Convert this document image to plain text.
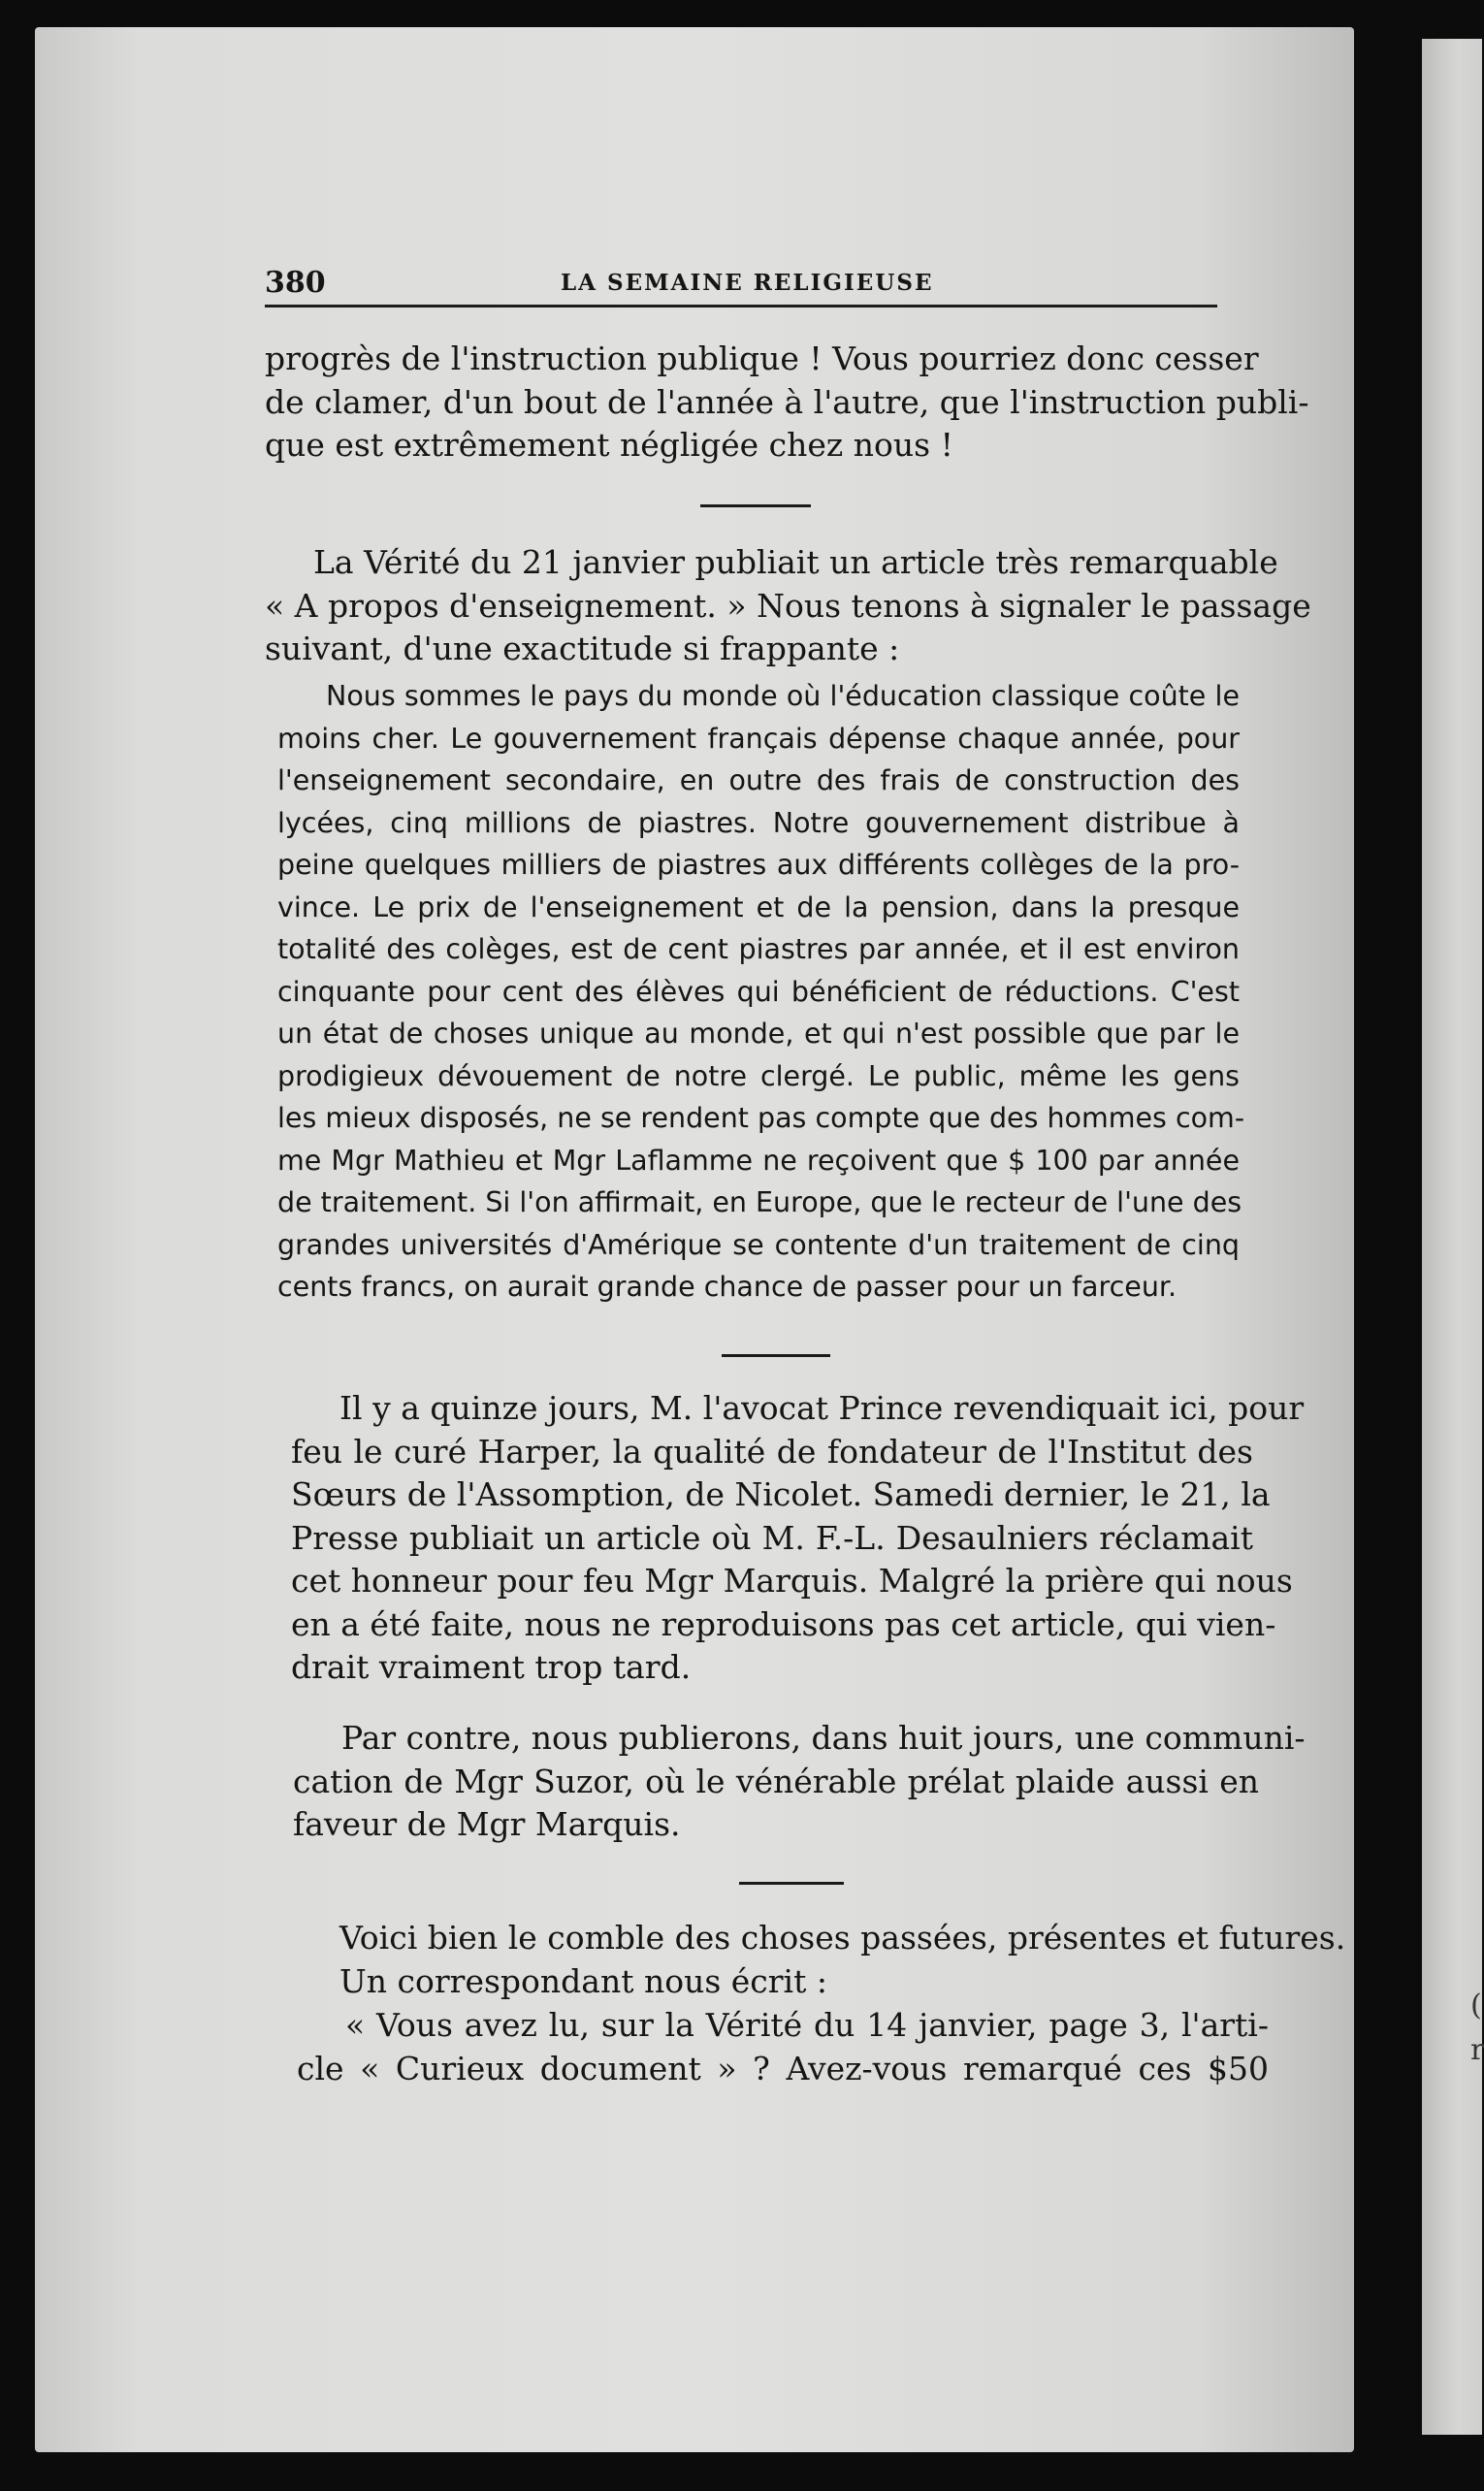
(
r
380	LA SEMAINE RELIGIEUSE
progrès de l'instruction publique ! Vous pourriez donc cesser
de clamer, d'un bout de l'année à l'autre, que l'instruction publi-
que est extrêmement négligée chez nous !
La Vérité du 21 janvier publiait un article très remarquable
« A propos d'enseignement. » Nous tenons à signaler le passage
suivant, d'une exactitude si frappante :
Nous sommes le pays du monde où l'éducation classique coûte le
moins cher. Le gouvernement français dépense chaque année, pour
l'enseignement secondaire, en outre des frais de construction des
lycées, cinq millions de piastres. Notre gouvernement distribue à
peine quelques milliers de piastres aux différents collèges de la pro-
vince. Le prix de l'enseignement et de la pension, dans la presque
totalité des colèges, est de cent piastres par année, et il est environ
cinquante pour cent des élèves qui bénéficient de réductions. C'est
un état de choses unique au monde, et qui n'est possible que par le
prodigieux dévouement de notre clergé. Le public, même les gens
les mieux disposés, ne se rendent pas compte que des hommes com-
me Mgr Mathieu et Mgr Laflamme ne reçoivent que $ 100 par année
de traitement. Si l'on affirmait, en Europe, que le recteur de l'une des
grandes universités d'Amérique se contente d'un traitement de cinq
cents francs, on aurait grande chance de passer pour un farceur.
Il y a quinze jours, M. l'avocat Prince revendiquait ici, pour
feu le curé Harper, la qualité de fondateur de l'Institut des
Sœurs de l'Assomption, de Nicolet. Samedi dernier, le 21, la
Presse publiait un article où M. F.-L. Desaulniers réclamait
cet honneur pour feu Mgr Marquis. Malgré la prière qui nous
en a été faite, nous ne reproduisons pas cet article, qui vien-
drait vraiment trop tard.
Par contre, nous publierons, dans huit jours, une communi-
cation de Mgr Suzor, où le vénérable prélat plaide aussi en
faveur de Mgr Marquis.
Voici bien le comble des choses passées, présentes et futures.
Un correspondant nous écrit :
« Vous avez lu, sur la Vérité du 14 janvier, page 3, l'arti-
cle « Curieux document » ? Avez-vous remarqué ces $50
